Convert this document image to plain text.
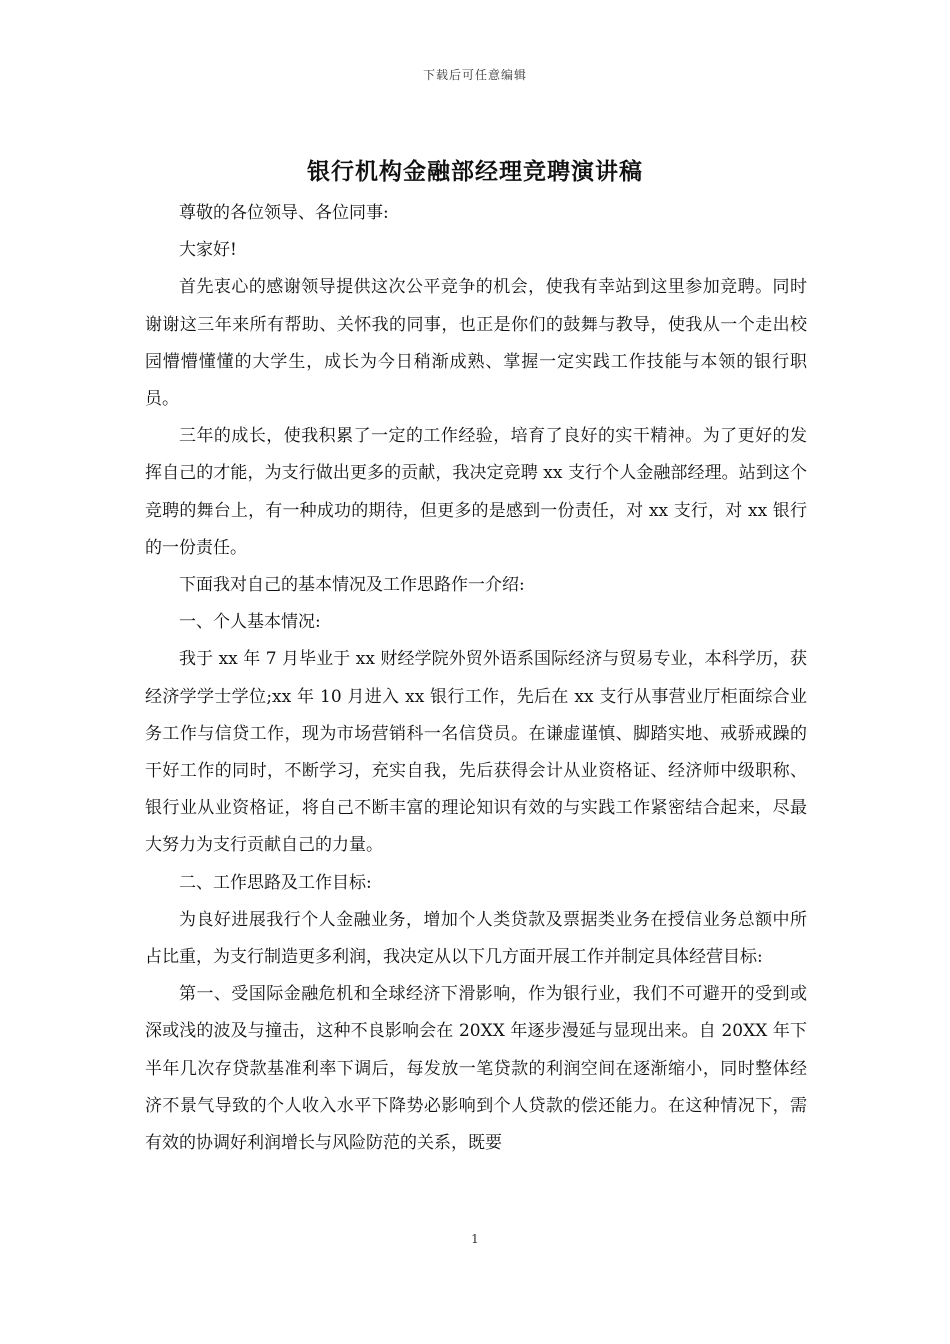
下载后可任意编辑
银行机构金融部经理竞聘演讲稿

尊敬的各位领导、各位同事:

大家好!

首先衷心的感谢领导提供这次公平竞争的机会，使我有幸站到这里参加竞聘。同时谢谢这三年来所有帮助、关怀我的同事，也正是你们的鼓舞与教导，使我从一个走出校园懵懵懂懂的大学生，成长为今日稍渐成熟、掌握一定实践工作技能与本领的银行职员。

三年的成长，使我积累了一定的工作经验，培育了良好的实干精神。为了更好的发挥自己的才能，为支行做出更多的贡献，我决定竞聘 xx 支行个人金融部经理。站到这个竞聘的舞台上，有一种成功的期待，但更多的是感到一份责任，对 xx 支行，对 xx 银行的一份责任。

下面我对自己的基本情况及工作思路作一介绍:

一、个人基本情况:

我于 xx 年 7 月毕业于 xx 财经学院外贸外语系国际经济与贸易专业，本科学历，获经济学学士学位;xx 年 10 月进入 xx 银行工作，先后在 xx 支行从事营业厅柜面综合业务工作与信贷工作，现为市场营销科一名信贷员。在谦虚谨慎、脚踏实地、戒骄戒躁的干好工作的同时，不断学习，充实自我，先后获得会计从业资格证、经济师中级职称、银行业从业资格证，将自己不断丰富的理论知识有效的与实践工作紧密结合起来，尽最大努力为支行贡献自己的力量。

二、工作思路及工作目标:

为良好进展我行个人金融业务，增加个人类贷款及票据类业务在授信业务总额中所占比重，为支行制造更多利润，我决定从以下几方面开展工作并制定具体经营目标:

第一、受国际金融危机和全球经济下滑影响，作为银行业，我们不可避开的受到或深或浅的波及与撞击，这种不良影响会在 20XX 年逐步漫延与显现出来。自 20XX 年下半年几次存贷款基准利率下调后，每发放一笔贷款的利润空间在逐渐缩小，同时整体经济不景气导致的个人收入水平下降势必影响到个人贷款的偿还能力。在这种情况下，需有效的协调好利润增长与风险防范的关系，既要

1
